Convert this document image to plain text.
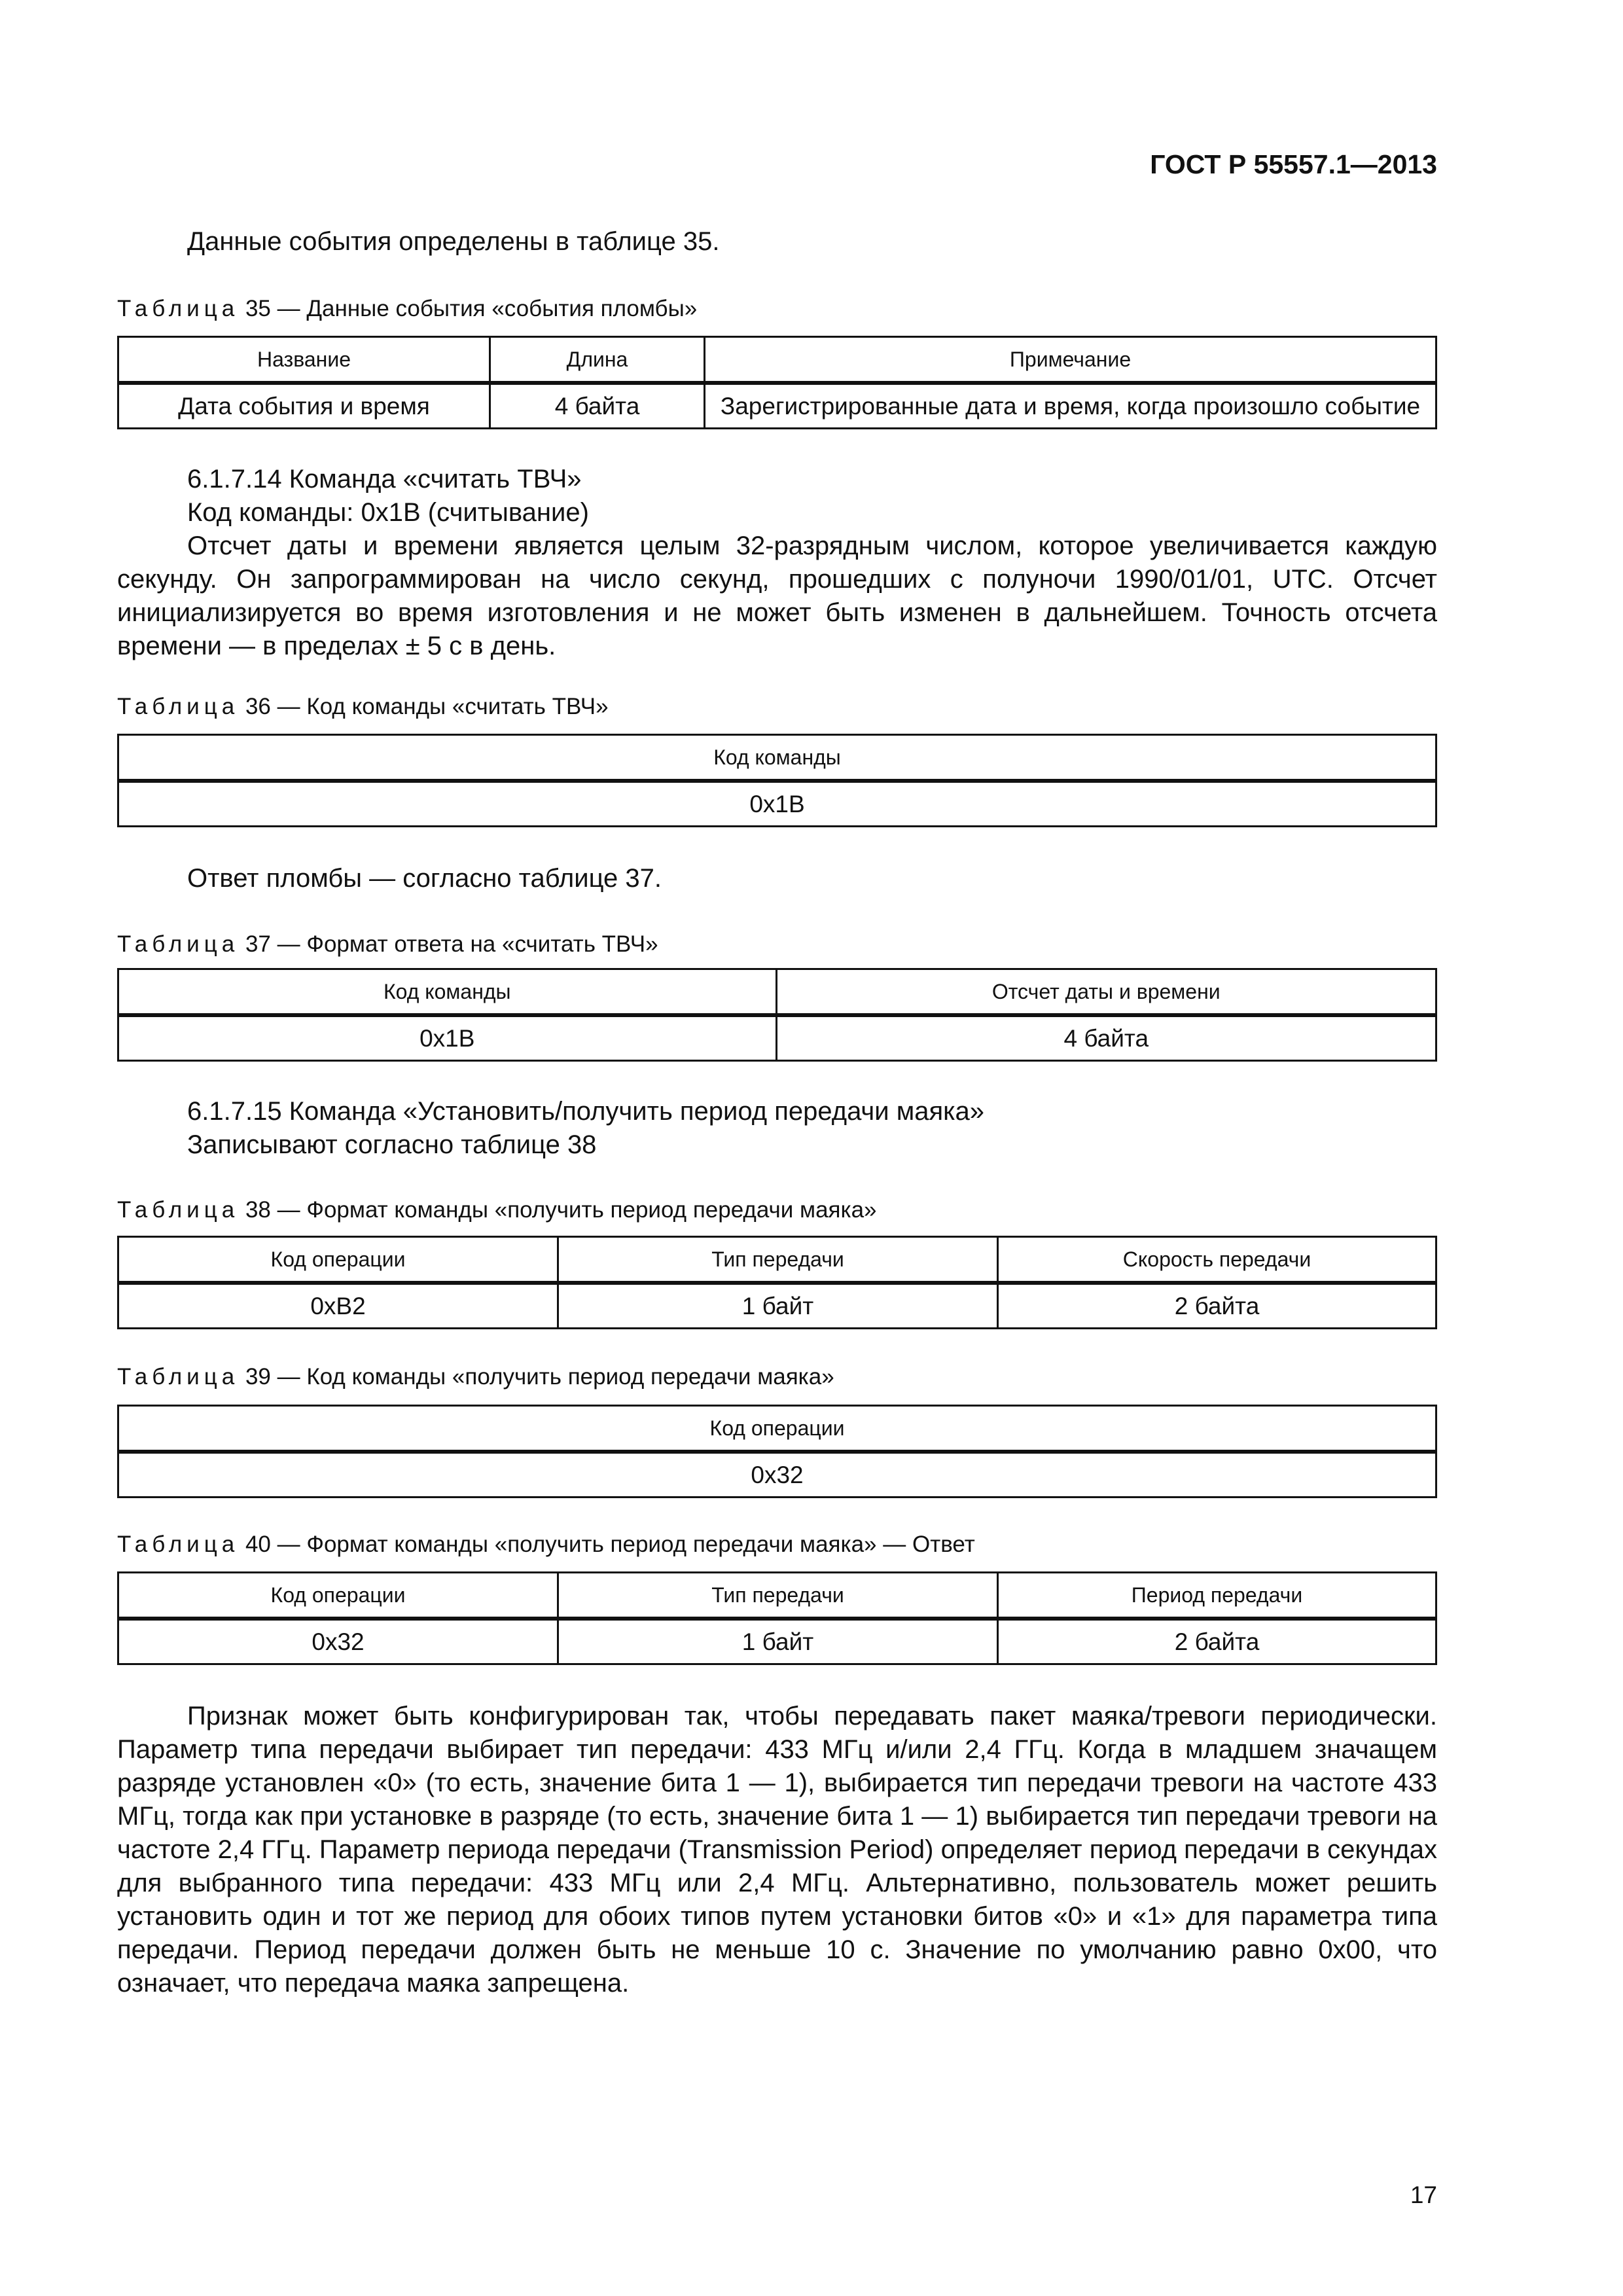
ГОСТ Р 55557.1—2013
Данные события определены в таблице 35.
Таблица 35 — Данные события «события пломбы»
Название	Длина	Примечание
Дата события и время	4 байта	Зарегистрированные дата и время, когда произошло событие
6.1.7.14 Команда «считать ТВЧ»
Код команды: 0x1B (считывание)

Отсчет даты и времени является целым 32-разрядным числом, которое увеличивается каждую секунду. Он запрограммирован на число секунд, прошедших с полуночи 1990/01/01, UTC. Отсчет инициализируется во время изготовления и не может быть изменен в дальнейшем. Точность отсчета времени — в пределах ± 5 с в день.

Таблица 36 — Код команды «считать ТВЧ»
Код команды
0x1B
Ответ пломбы — согласно таблице 37.
Таблица 37 — Формат ответа на «считать ТВЧ»
Код команды	Отсчет даты и времени
0x1B	4 байта
6.1.7.15 Команда «Установить/получить период передачи маяка»
Записывают согласно таблице 38
Таблица 38 — Формат команды «получить период передачи маяка»
Код операции	Тип передачи	Скорость передачи
0xB2	1 байт	2 байта
Таблица 39 — Код команды «получить период передачи маяка»
Код операции
0x32
Таблица 40 — Формат команды «получить период передачи маяка» — Ответ
Код операции	Тип передачи	Период передачи
0x32	1 байт	2 байта

Признак может быть конфигурирован так, чтобы передавать пакет маяка/тревоги периодически. Параметр типа передачи выбирает тип передачи: 433 МГц и/или 2,4 ГГц. Когда в младшем значащем разряде установлен «0» (то есть, значение бита 1 — 1), выбирается тип передачи тревоги на частоте 433 МГц, тогда как при установке в разряде (то есть, значение бита 1 — 1) выбирается тип передачи тревоги на частоте 2,4 ГГц. Параметр периода передачи (Transmission Period) определяет период передачи в секундах для выбранного типа передачи: 433 МГц или 2,4 МГц. Альтернативно, пользователь может решить установить один и тот же период для обоих типов путем установки битов «0» и «1» для параметра типа передачи. Период передачи должен быть не меньше 10 с. Значение по умолчанию равно 0x00, что означает, что передача маяка запрещена.

17
